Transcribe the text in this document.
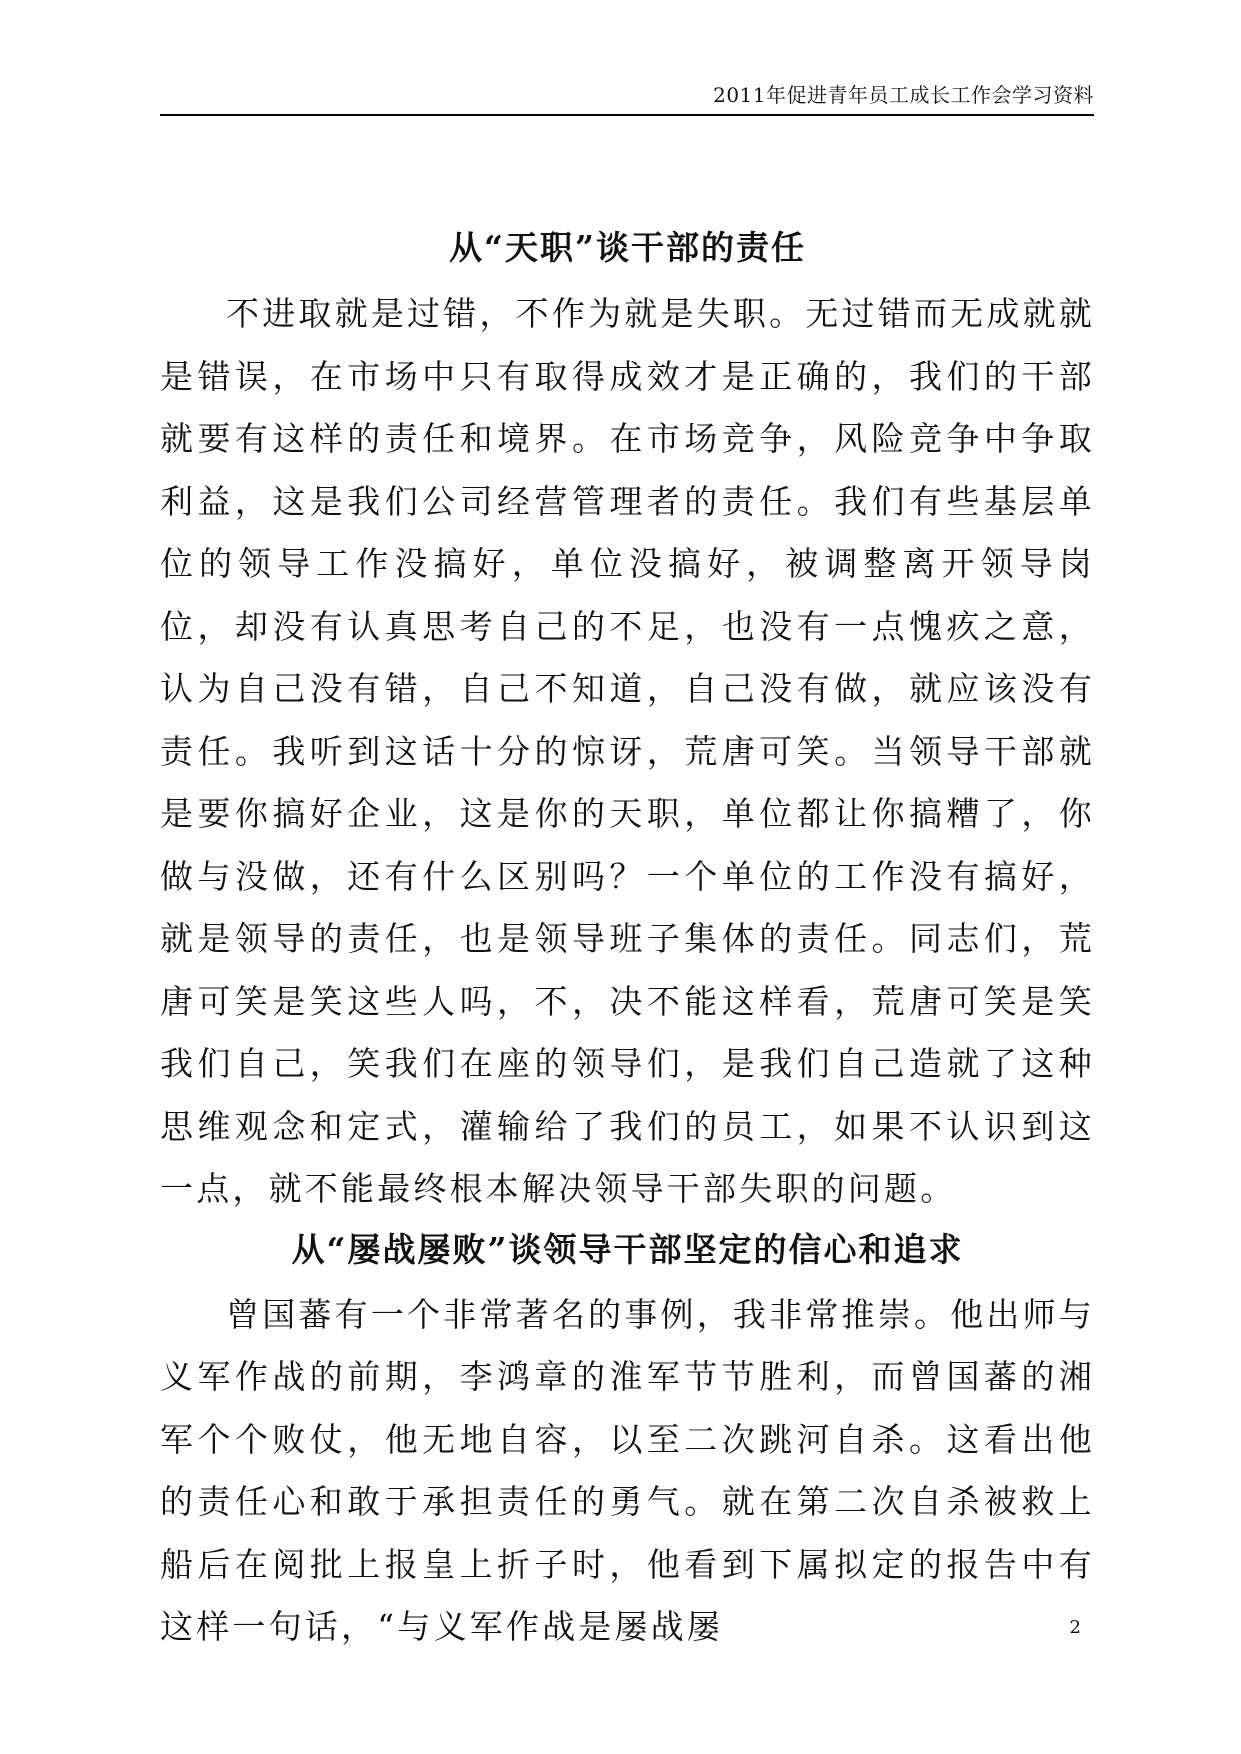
2011年促进青年员工成长工作会学习资料
从“天职”谈干部的责任

不进取就是过错，不作为就是失职。无过错而无成就就是错误，在市场中只有取得成效才是正确的，我们的干部就要有这样的责任和境界。在市场竞争，风险竞争中争取利益，这是我们公司经营管理者的责任。我们有些基层单位的领导工作没搞好，单位没搞好，被调整离开领导岗位，却没有认真思考自己的不足，也没有一点愧疚之意，认为自己没有错，自己不知道，自己没有做，就应该没有责任。我听到这话十分的惊讶，荒唐可笑。当领导干部就是要你搞好企业，这是你的天职，单位都让你搞糟了，你做与没做，还有什么区别吗？一个单位的工作没有搞好，就是领导的责任，也是领导班子集体的责任。同志们，荒唐可笑是笑这些人吗，不，决不能这样看，荒唐可笑是笑我们自己，笑我们在座的领导们，是我们自己造就了这种思维观念和定式，灌输给了我们的员工，如果不认识到这一点，就不能最终根本解决领导干部失职的问题。

从“屡战屡败”谈领导干部坚定的信心和追求

曾国蕃有一个非常著名的事例，我非常推崇。他出师与义军作战的前期，李鸿章的淮军节节胜利，而曾国蕃的湘军个个败仗，他无地自容，以至二次跳河自杀。这看出他的责任心和敢于承担责任的勇气。就在第二次自杀被救上船后在阅批上报皇上折子时，他看到下属拟定的报告中有这样一句话，“与义军作战是屡战屡	2
